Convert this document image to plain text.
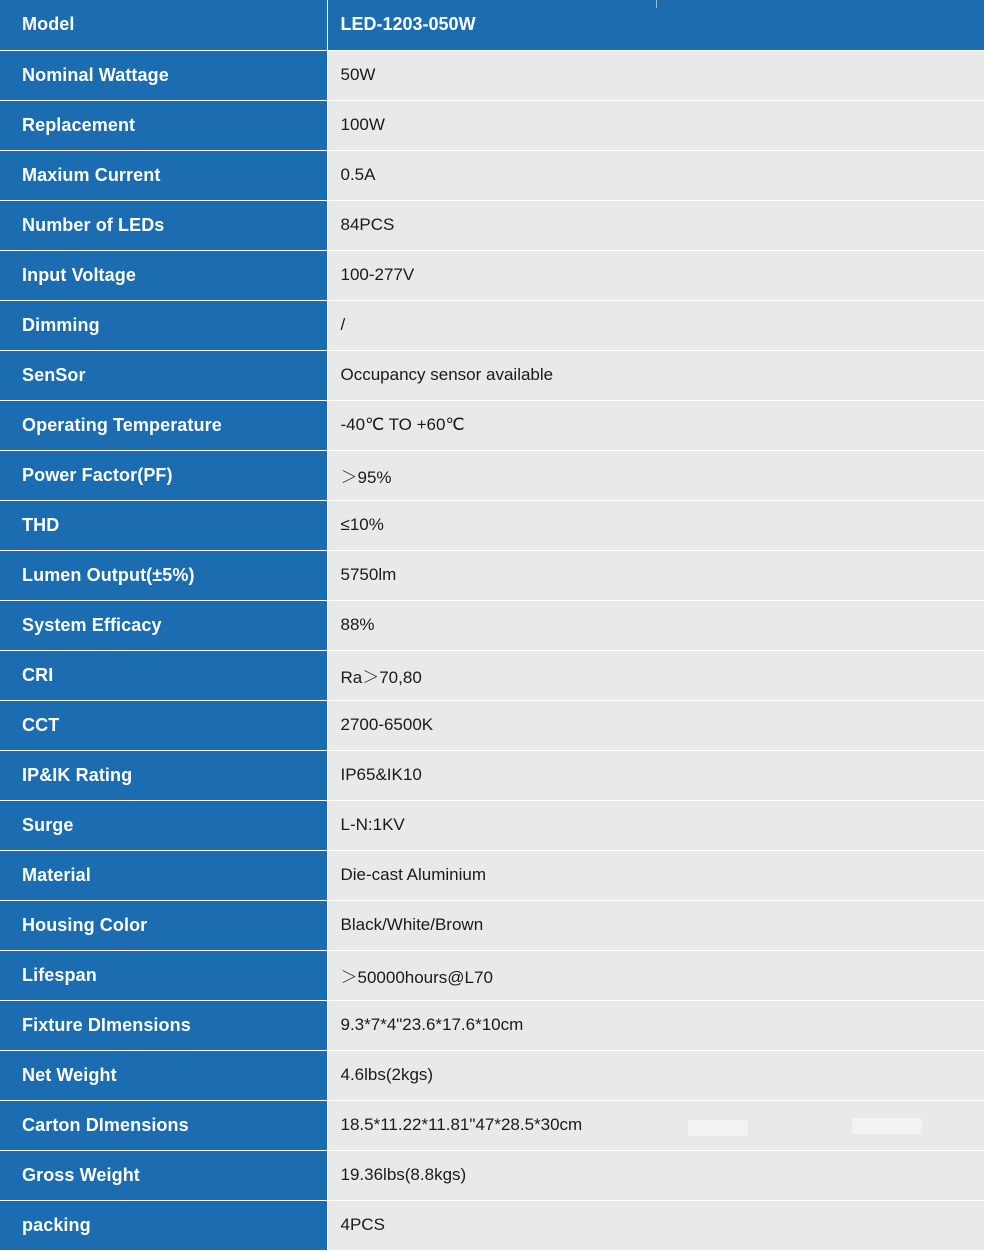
Model	LED-1203-050W
Nominal Wattage	50W
Replacement	100W
Maxium Current	0.5A
Number of LEDs	84PCS
Input Voltage	100-277V
Dimming	/
SenSor	Occupancy sensor available
Operating Temperature	-40℃ TO +60℃
Power Factor(PF)	＞95%
THD	≤10%
Lumen Output(±5%)	5750lm
System Efficacy	88%
CRI	Ra＞70,80
CCT	2700-6500K
IP&IK Rating	IP65&IK10
Surge	L-N:1KV
Material	Die-cast Aluminium
Housing Color	Black/White/Brown
Lifespan	＞50000hours@L70
Fixture DImensions	9.3*7*4"23.6*17.6*10cm
Net Weight	4.6lbs(2kgs)
Carton DImensions	18.5*11.22*11.81"47*28.5*30cm
Gross Weight	19.36lbs(8.8kgs)
packing	4PCS
